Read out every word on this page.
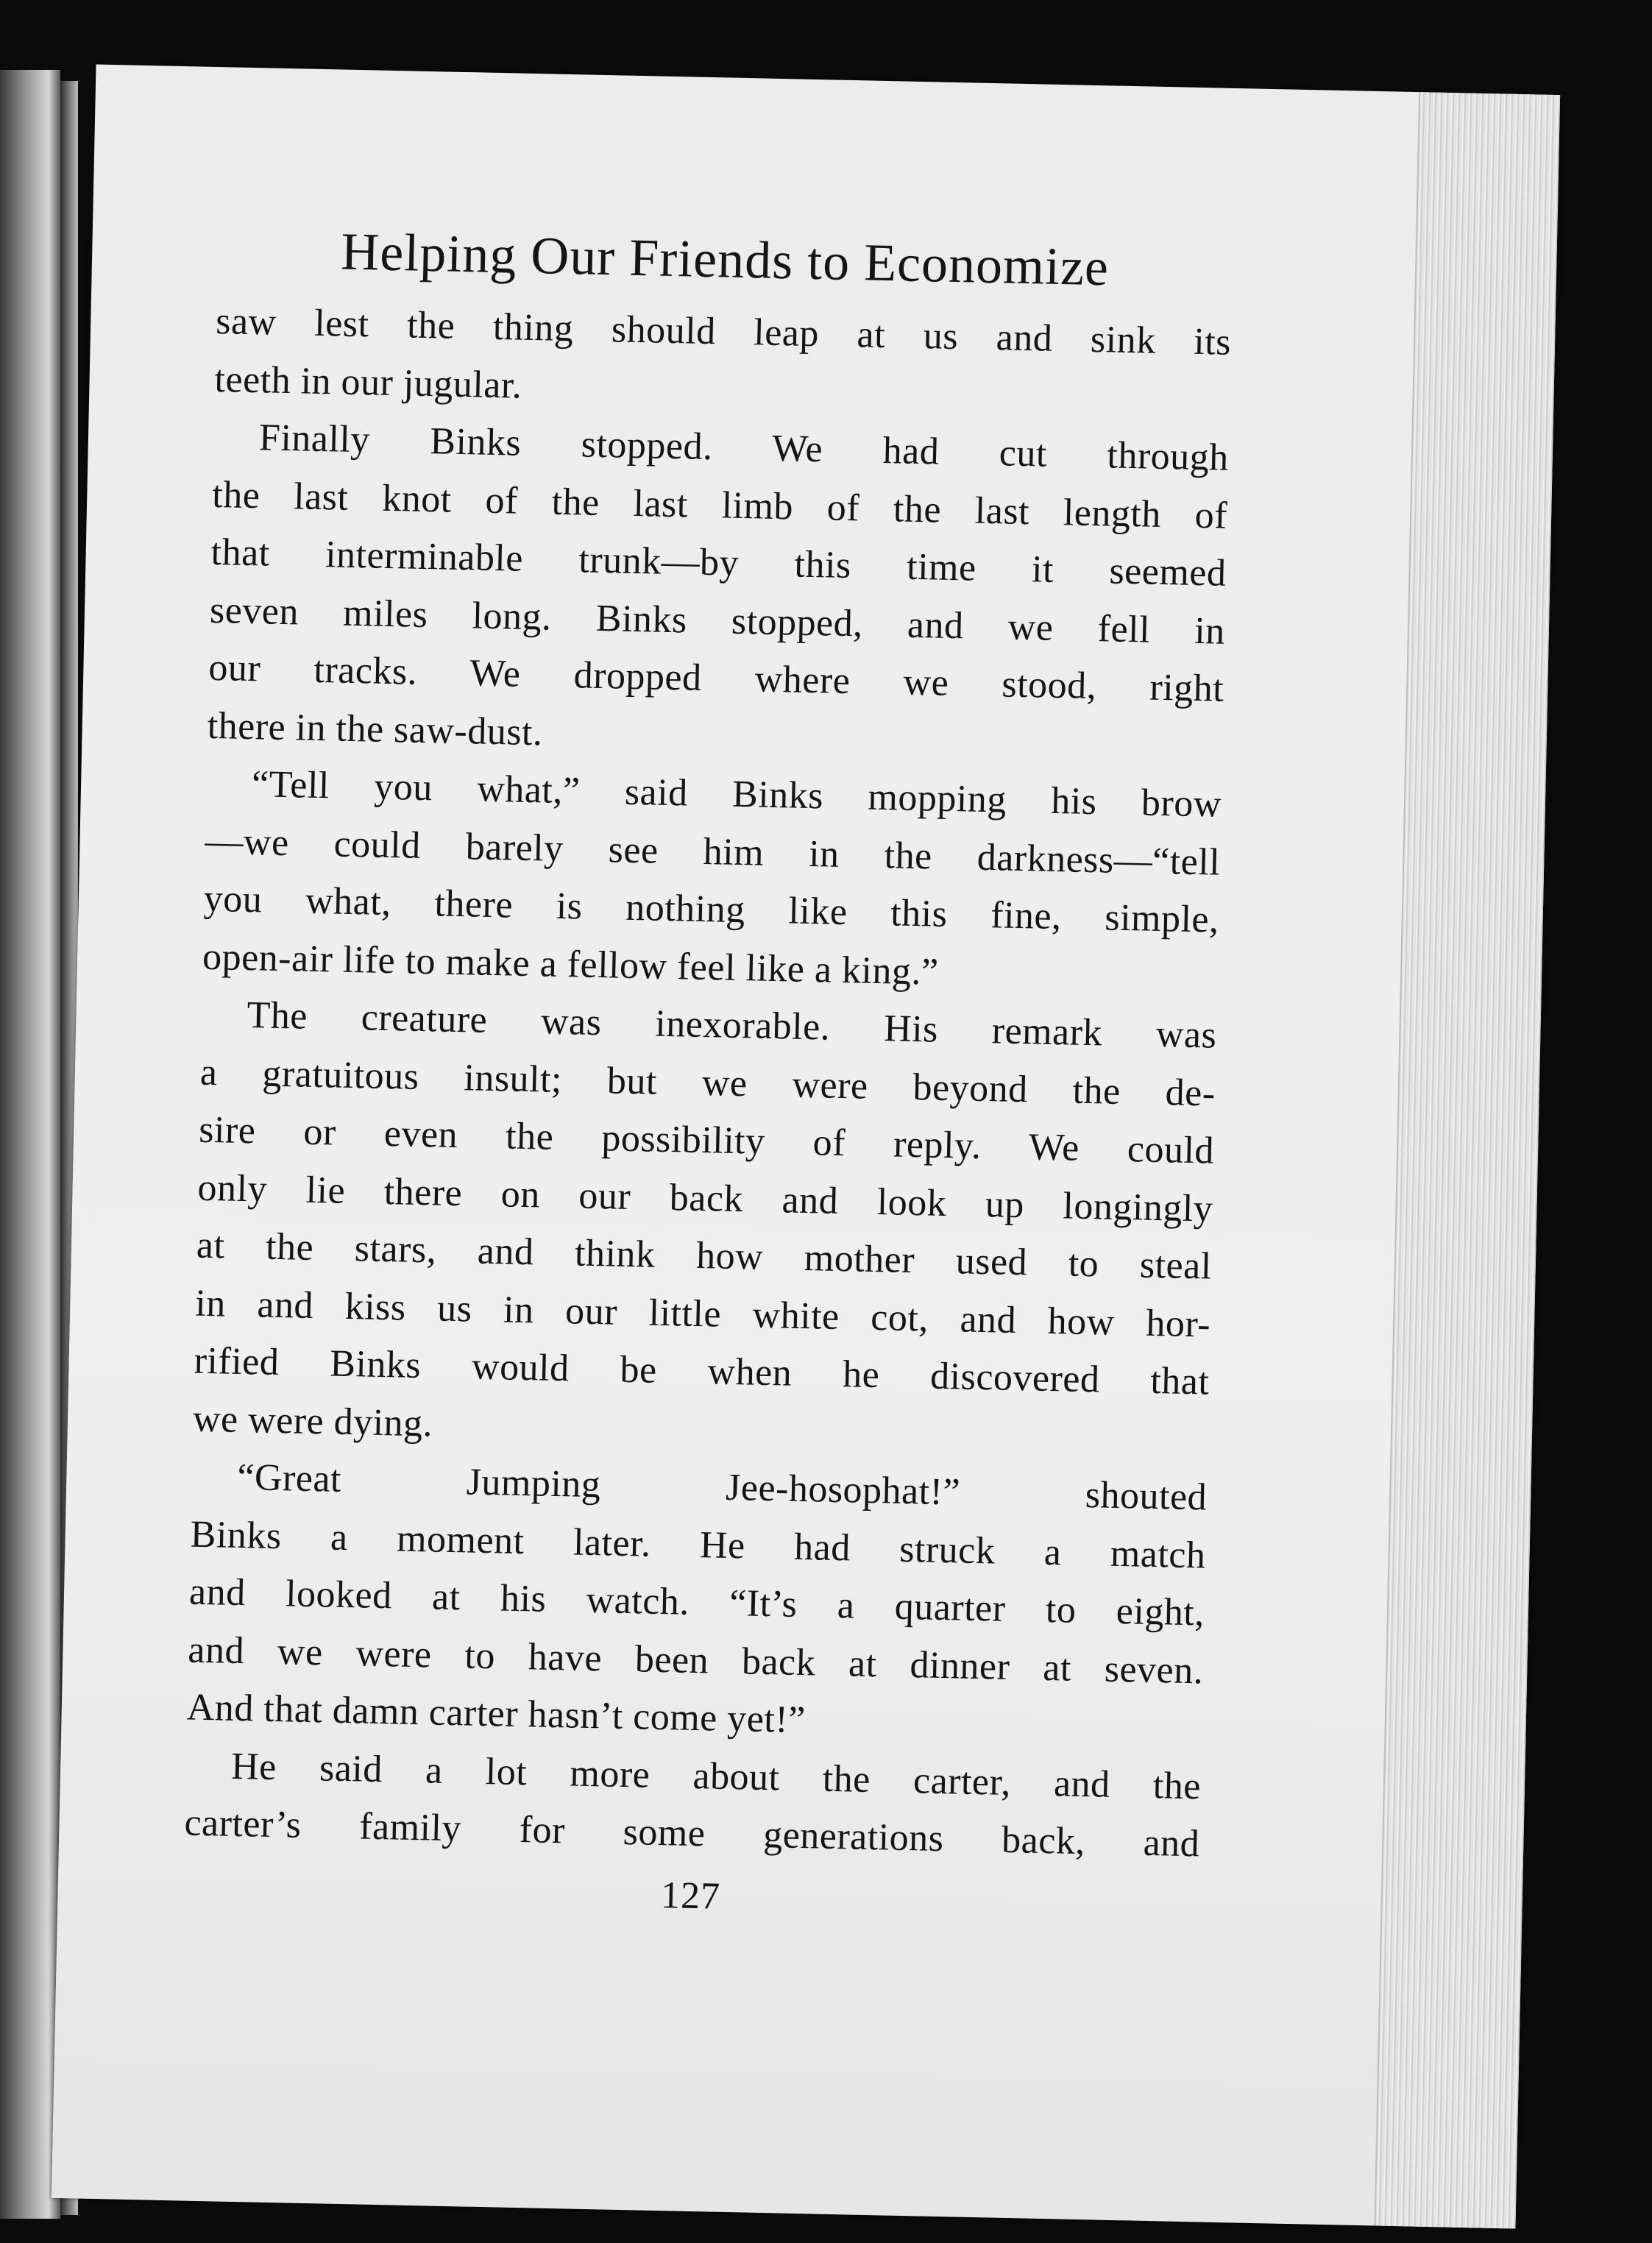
Helping Our Friends to Economize
saw lest the thing should leap at us and sink its
teeth in our jugular.
Finally Binks stopped. We had cut through
the last knot of the last limb of the last length of
that interminable trunk—by this time it seemed
seven miles long. Binks stopped, and we fell in
our tracks. We dropped where we stood, right
there in the saw-dust.
“Tell you what,” said Binks mopping his brow
—we could barely see him in the darkness—“tell
you what, there is nothing like this fine, simple,
open-air life to make a fellow feel like a king.”
The creature was inexorable. His remark was
a gratuitous insult; but we were beyond the de-
sire or even the possibility of reply. We could
only lie there on our back and look up longingly
at the stars, and think how mother used to steal
in and kiss us in our little white cot, and how hor-
rified Binks would be when he discovered that
we were dying.
“Great Jumping Jee-hosophat!” shouted
Binks a moment later. He had struck a match
and looked at his watch. “It’s a quarter to eight,
and we were to have been back at dinner at seven.
And that damn carter hasn’t come yet!”
He said a lot more about the carter, and the
carter’s family for some generations back, and
127
